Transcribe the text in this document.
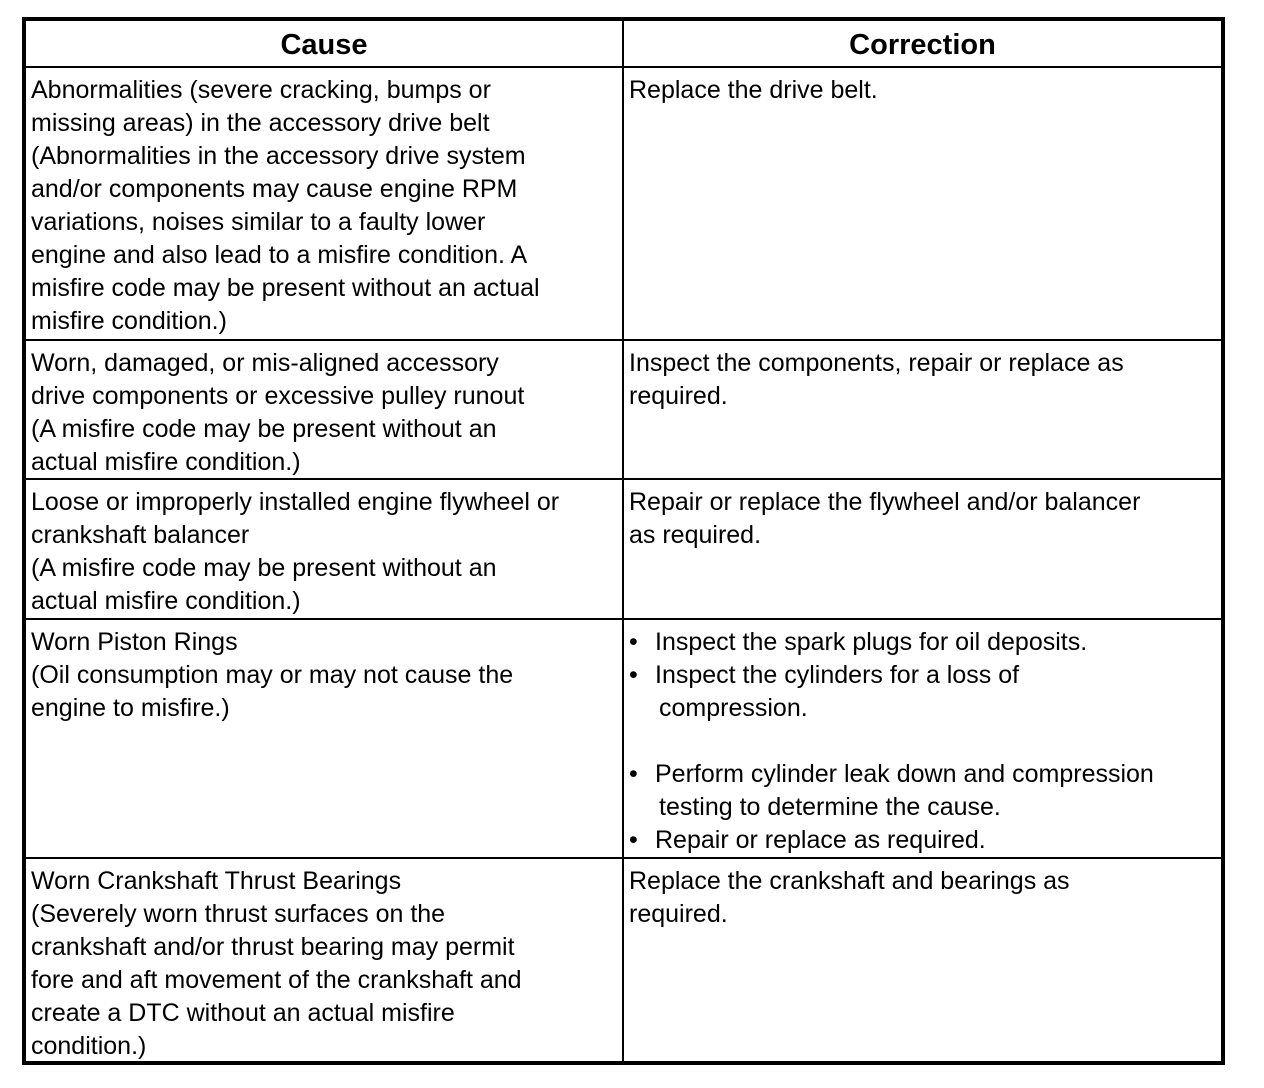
Cause	Correction
Abnormalities (severe cracking, bumps or
missing areas) in the accessory drive belt
(Abnormalities in the accessory drive system
and/or components may cause engine RPM
variations, noises similar to a faulty lower
engine and also lead to a misfire condition. A
misfire code may be present without an actual
misfire condition.)
Replace the drive belt.
Worn, damaged, or mis-aligned accessory
drive components or excessive pulley runout
(A misfire code may be present without an
actual misfire condition.)
Inspect the components, repair or replace as
required.
Loose or improperly installed engine flywheel or
crankshaft balancer
(A misfire code may be present without an
actual misfire condition.)
Repair or replace the flywheel and/or balancer
as required.
Worn Piston Rings
(Oil consumption may or may not cause the
engine to misfire.)
• Inspect the spark plugs for oil deposits.
• Inspect the cylinders for a loss of
compression.
• Perform cylinder leak down and compression
testing to determine the cause.
• Repair or replace as required.
Worn Crankshaft Thrust Bearings
(Severely worn thrust surfaces on the
crankshaft and/or thrust bearing may permit
fore and aft movement of the crankshaft and
create a DTC without an actual misfire
condition.)
Replace the crankshaft and bearings as
required.
